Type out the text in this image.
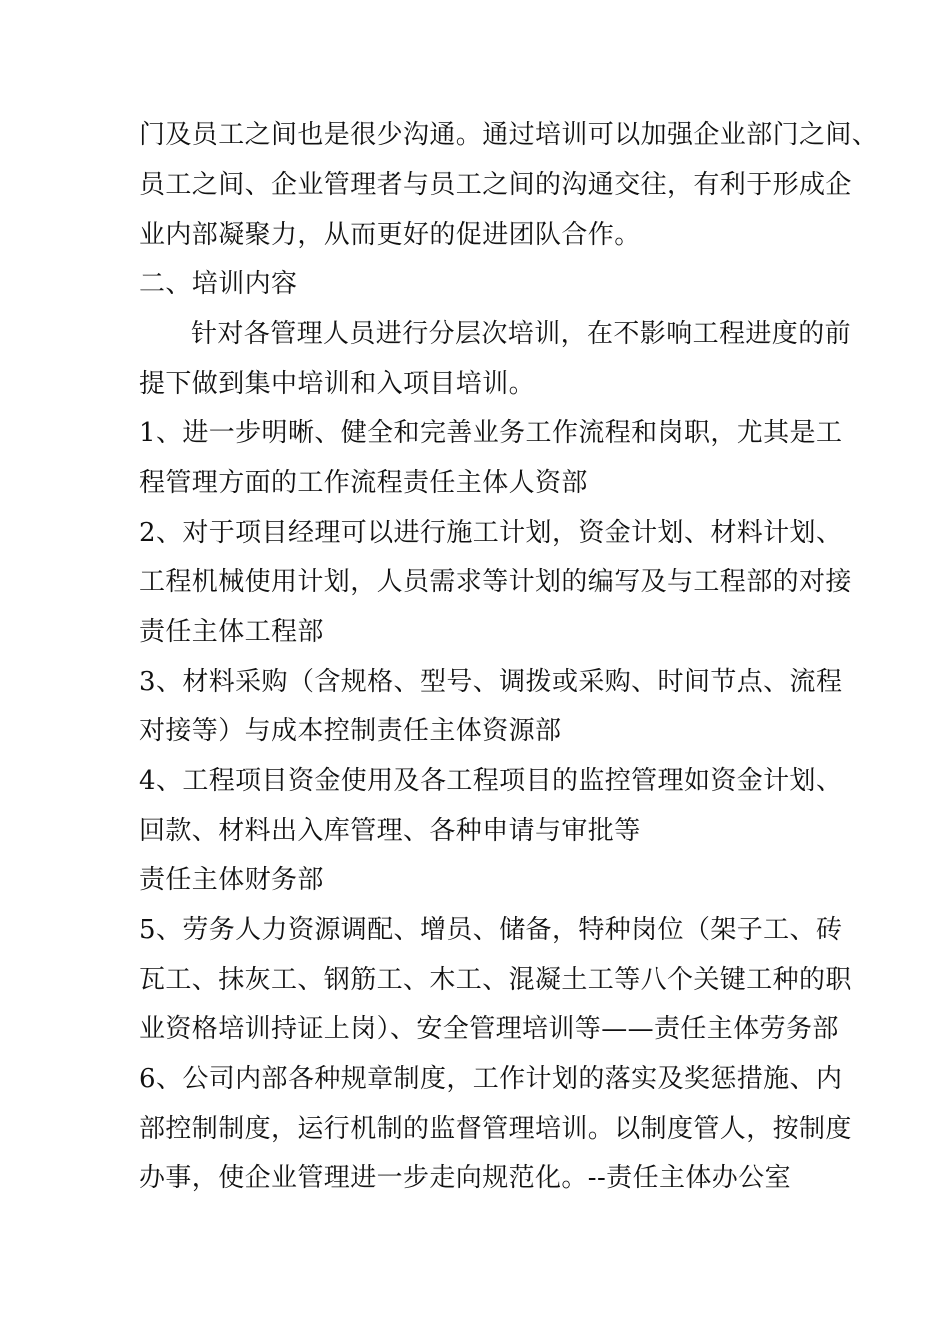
门及员工之间也是很少沟通。通过培训可以加强企业部门之间、
员工之间、企业管理者与员工之间的沟通交往，有利于形成企
业内部凝聚力，从而更好的促进团队合作。
二、培训内容
针对各管理人员进行分层次培训，在不影响工程进度的前
提下做到集中培训和入项目培训。
1、进一步明晰、健全和完善业务工作流程和岗职，尤其是工
程管理方面的工作流程责任主体人资部
2、对于项目经理可以进行施工计划，资金计划、材料计划、
工程机械使用计划，人员需求等计划的编写及与工程部的对接
责任主体工程部
3、材料采购（含规格、型号、调拨或采购、时间节点、流程
对接等）与成本控制责任主体资源部
4、工程项目资金使用及各工程项目的监控管理如资金计划、
回款、材料出入库管理、各种申请与审批等
责任主体财务部
5、劳务人力资源调配、增员、储备，特种岗位（架子工、砖
瓦工、抹灰工、钢筋工、木工、混凝土工等八个关键工种的职
业资格培训持证上岗）、安全管理培训等——责任主体劳务部
6、公司内部各种规章制度，工作计划的落实及奖惩措施、内
部控制制度，运行机制的监督管理培训。以制度管人，按制度
办事，使企业管理进一步走向规范化。--责任主体办公室
